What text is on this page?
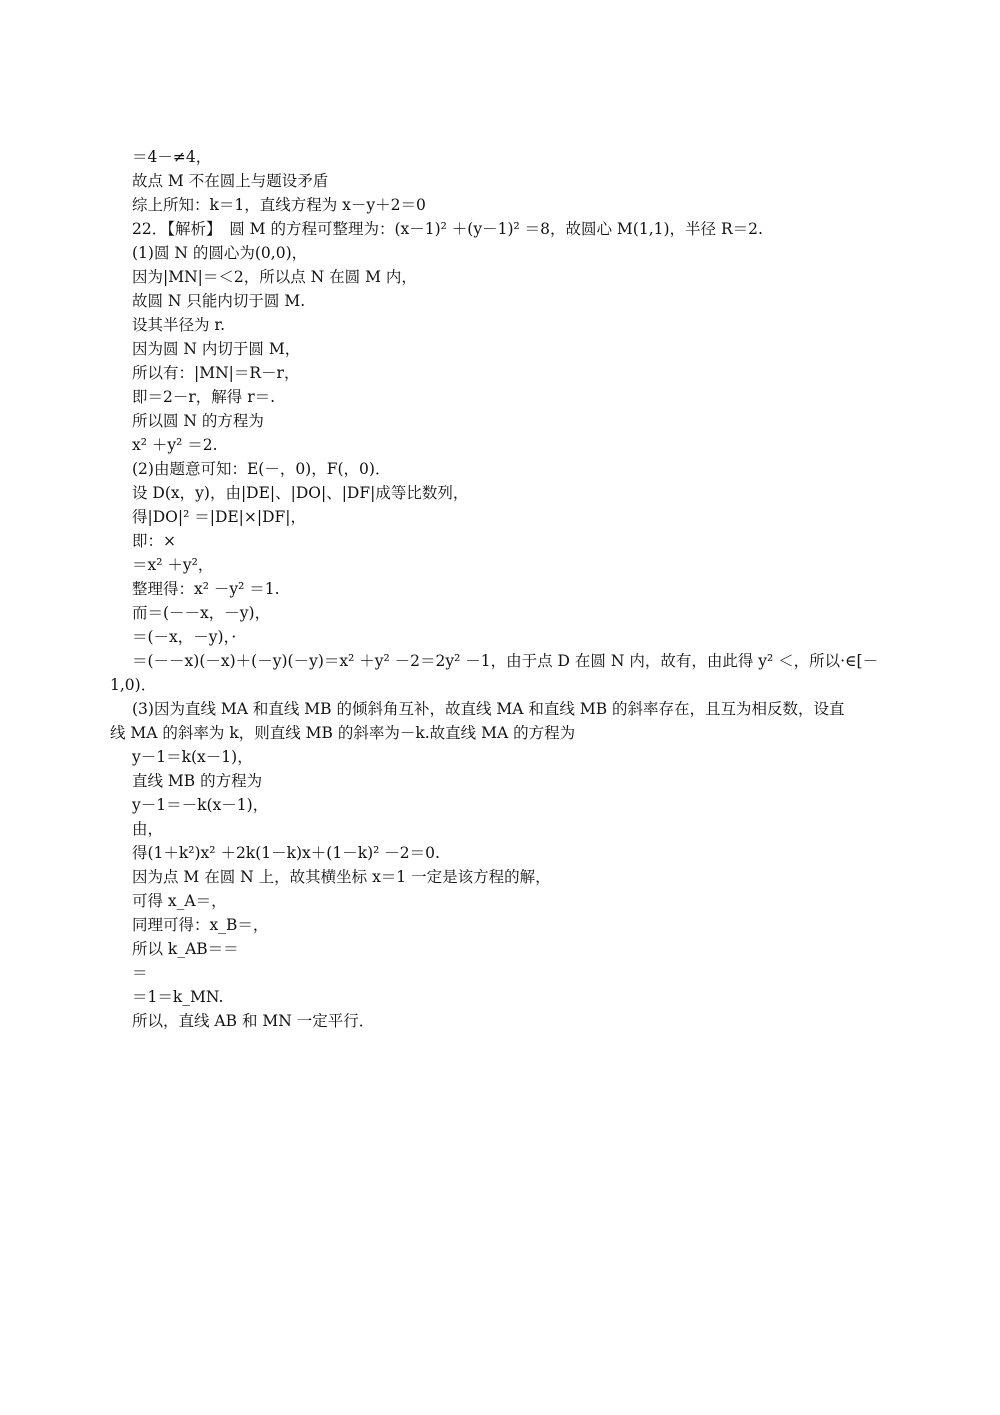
＝4－≠4，
故点 M 不在圆上与题设矛盾
综上所知：k＝1，直线方程为 x－y＋2＝0
22．【解析】　圆 M 的方程可整理为：(x－1)² ＋(y－1)² ＝8，故圆心 M(1,1)，半径 R＝2.
(1)圆 N 的圆心为(0,0)，
因为|MN|＝＜2，所以点 N 在圆 M 内，
故圆 N 只能内切于圆 M.
设其半径为 r.
因为圆 N 内切于圆 M，
所以有：|MN|＝R－r，
即＝2－r，解得 r＝.
所以圆 N 的方程为
x² ＋y² ＝2.
(2)由题意可知：E(－，0)，F(，0)．
设 D(x，y)，由|DE|、|DO|、|DF|成等比数列，
得|DO|² ＝|DE|×|DF|，
即：×
＝x² ＋y²，
整理得：x² －y² ＝1.
而＝(－－x，－y)，
＝(－x，－y)，·
＝(－－x)(－x)＋(－y)(－y)＝x² ＋y² －2＝2y² －1，由于点 D 在圆 N 内，故有，由此得 y² ＜，所以·∈[－
1,0)．
(3)因为直线 MA 和直线 MB 的倾斜角互补，故直线 MA 和直线 MB 的斜率存在，且互为相反数，设直
线 MA 的斜率为 k，则直线 MB 的斜率为－k.故直线 MA 的方程为
y－1＝k(x－1)，
直线 MB 的方程为
y－1＝－k(x－1)，
由，
得(1＋k²)x² ＋2k(1－k)x＋(1－k)² －2＝0.
因为点 M 在圆 N 上，故其横坐标 x＝1 一定是该方程的解，
可得 x_A＝，
同理可得：x_B＝，
所以 k_AB＝＝
＝
＝1＝k_MN.
所以，直线 AB 和 MN 一定平行．
